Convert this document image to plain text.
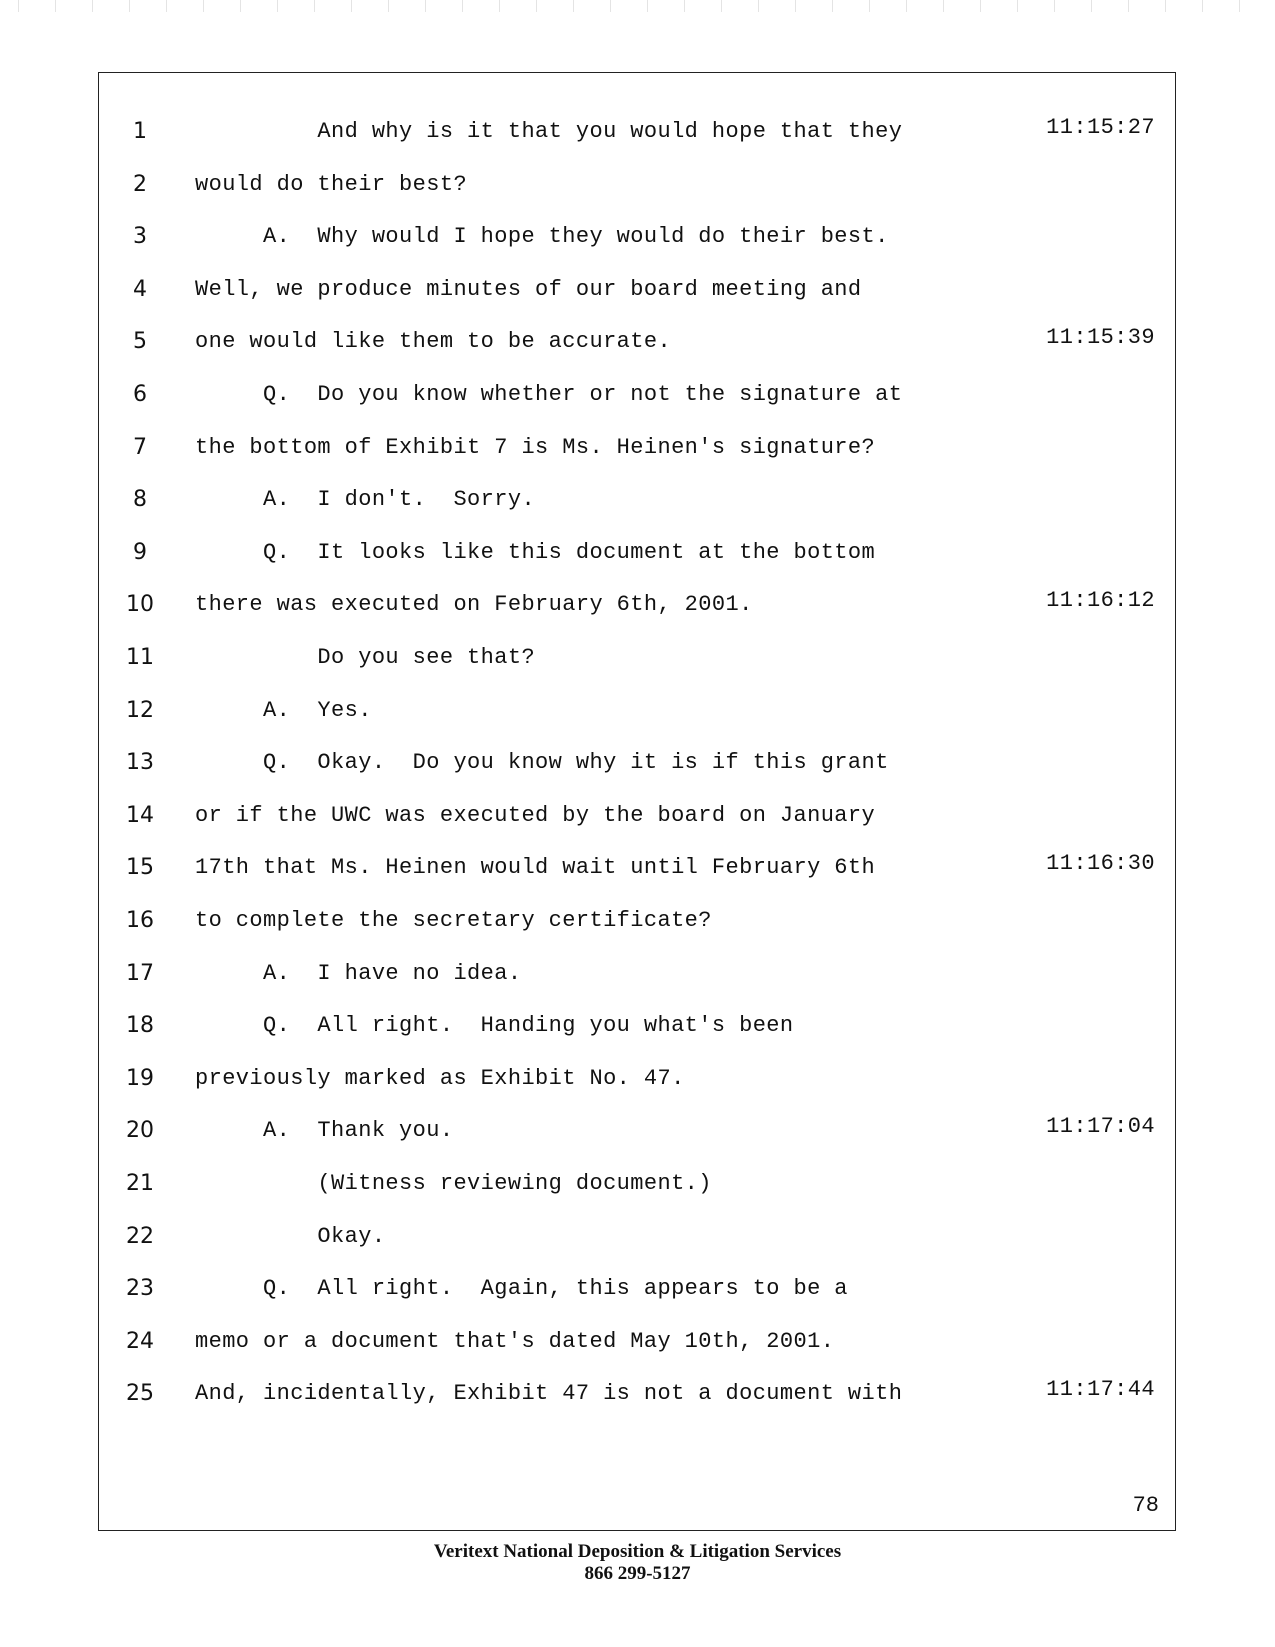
78
1	And why is it that you would hope that they	11:15:27
2	would do their best?
3	A.  Why would I hope they would do their best.
4	Well, we produce minutes of our board meeting and
5	one would like them to be accurate.	11:15:39
6	Q.  Do you know whether or not the signature at
7	the bottom of Exhibit 7 is Ms. Heinen's signature?
8	A.  I don't.  Sorry.
9	Q.  It looks like this document at the bottom
10	there was executed on February 6th, 2001.	11:16:12
11	Do you see that?
12	A.  Yes.
13	Q.  Okay.  Do you know why it is if this grant
14	or if the UWC was executed by the board on January
15	17th that Ms. Heinen would wait until February 6th	11:16:30
16	to complete the secretary certificate?
17	A.  I have no idea.
18	Q.  All right.  Handing you what's been
19	previously marked as Exhibit No. 47.
20	A.  Thank you.	11:17:04
21	(Witness reviewing document.)
22	Okay.
23	Q.  All right.  Again, this appears to be a
24	memo or a document that's dated May 10th, 2001.
25	And, incidentally, Exhibit 47 is not a document with	11:17:44
Veritext National Deposition & Litigation Services
866 299-5127
